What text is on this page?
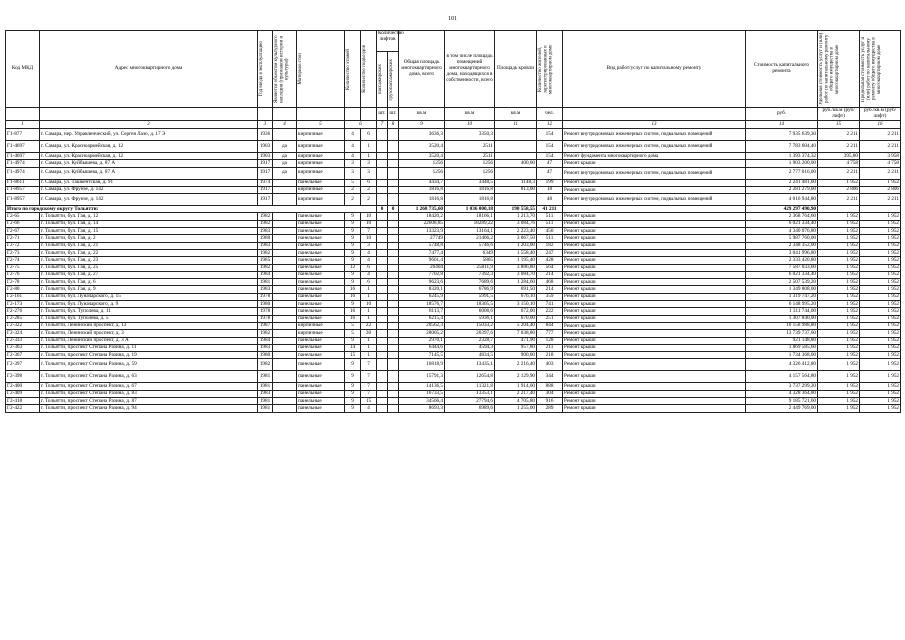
101
Код МКД	Адрес многоквартирного дома	Год ввода в эксплуатацию	Является объектом культурного наследия (признаком истории и культуры)	Материал стен	Количество этажей	Количество подъездов	Количество лифтов		Общая площадь многоквартирного дома, всего	в том числе площадь помещений многоквартирного дома, находящихся в собственности, всего	Площадь кровли	Количество жителей, зарегистрированных в многоквартирном доме	Вид работ/услуг по капитальному ремонту	Стоимость капитального ремонта	Удельная стоимость услуг и (или) работ по капитальному ремонту общего имущества в многоквартирном доме	Предельная стоимость услуг и (или) работ по капитальному ремонту общего имущества в многоквартирном доме

							пассажирских	грузопассажирских								

							шт.	шт.	кв.м	кв.м	кв.м	чел.		руб.	руб./кв.м (руб/лифт)	руб./кв.м (руб/лифт)
1	2	3	4	5	6		7	8	9	10	11	12	13	14	15	16
Г1-877	г. Самара, пер. Управленческий, ул. Сергея Лазо, д. 17 Э	1936		кирпичные	4	6			3636,3	3350,3		154	Ремонт внутридомовых инженерных систем, подвальных помещений	7 935 639,30	2 211	2 211
Г1-4697	г. Самара, ул. Красноармейская, д. 12	1903	да	кирпичные	4	1			3520,4	2511		154	Ремонт внутридомовых инженерных систем, подвальных помещений	7 783 604,40	2 211	2 211
Г1-4697	г. Самара, ул. Красноармейская, д. 12	1903	да	кирпичные	4	1			3520,4	2511		154	Ремонт фундамента многоквартирного дома	1 393 374,32	395,80	3 958
Г1-4974	г. Самара, ул. Куйбышева, д. 87 А	1917	да	кирпичные	3	3			1256	1256	400,00	47	Ремонт крыши	1 903 200,00	4 758	4 758
Г1-4974	г. Самара, ул. Куйбышева, д. 87 А	1917	да	кирпичные	3	3			1256	1256		47	Ремонт внутридомовых инженерных систем, подвальных помещений	2 777 016,00	2 211	2 211
Г1-8611	г. Самара, ул. Ташкентская, д. 91	1974		панельные	5	6			4434,7	3448,5	1148,3	199	Ремонт крыши	2 241 481,60	1 952	1 952
Г1-8957	г. Самара, ул. Фрунзе, д. 142	1917		кирпичные	2	2			1816,8	1816,8	813,00	18	Ремонт крыши	2 281 279,00	2 806	2 806
Г1-8957	г. Самара, ул. Фрунзе, д. 142	1917		кирпичные	2	2			1816,8	1816,8		48	Ремонт внутридомовых инженерных систем, подвальных помещений	4 016 944,80	2 211	2 211
Итого по городскому округу Тольятти:							0	0	1 268 735,60	1 036 000,18	190 558,55	41 211		429 297 490,90		
Г2-65	г. Тольятти, бул. Гая, д. 12	1982		панельные	9	10			18420,2	18166,1	1 213,70	511	Ремонт крыши	2 368 764,60	1 952	1 952
Г2-66	г. Тольятти, бул. Гая, д. 14	1982		панельные	9	10			22608,85	18289,22	3 084,76	511	Ремонт крыши	6 021 334,40	1 952	1 952
Г2-67	г. Тольятти, бул. Гая, д. 15	1983		панельные	9	7			13323,9	13164,1	2 223,40	450	Ремонт крыши	4 340 076,80	1 952	1 952
Г2-71	г. Тольятти, бул. Гая, д. 2	1980		панельные	9	10			27749	21466,2	3 067,50	511	Ремонт крыши	5 987 760,00	1 952	1 952
Г2-72	г. Тольятти, бул. Гая, д. 21	1983		панельные	9	3			5748,8	5746,6	1 203,00	182	Ремонт крыши	2 348 352,00	1 952	1 952
Г2-73	г. Тольятти, бул. Гая, д. 22	1982		панельные	9	4			7477,4	6349	1 558,40	247	Ремонт крыши	3 041 996,80	1 952	1 952
Г2-74	г. Тольятти, бул. Гая, д. 23	1985		панельные	9	4			9661,4	5865	1 195,40	428	Ремонт крыши	2 333 420,80	1 952	1 952
Г2-75	г. Тольятти, бул. Гая, д. 25	1982		панельные	12	6			26404	25811,9	3 886,80	564	Ремонт крыши	7 587 033,60	1 952	1 952
Г2-76	г. Тольятти, бул. Гая, д. 27	1984		панельные	9	4			7702,8	7392,3	3 084,70	214	Ремонт крыши	6 021 334,40	1 952	1 952
Г2-78	г. Тольятти, бул. Гая, д. 6	1981		панельные	9	6			9623,6	7689,6	1 284,60	468	Ремонт крыши	2 507 539,20	1 952	1 952
Г2-80	г. Тольятти, бул. Гая, д. 9	1983		панельные	16	1			8320,1	6786,9	691,50	214	Ремонт крыши	1 349 808,00	1 952	1 952
Г2-161	г. Тольятти, бул. Луначарского, д. 15	1978		панельные	16	1			6245,9	5991,5	676,10	359	Ремонт крыши	1 319 747,20	1 952	1 952
Г2-173	г. Тольятти, бул. Луначарского, д. 9	1980		панельные	9	10			18576,7	18305,5	3 150,10	741	Ремонт крыши	6 148 995,20	1 952	1 952
Г2-276	г. Тольятти, бул. Туполева, д. 11	1978		панельные	16	1			8113,7	6008,6	672,00	222	Ремонт крыши	1 311 744,00	1 952	1 952
Г2-285	г. Тольятти, бул. Туполева, д. 5	1978		панельные	16	1			6215,4	5936,1	670,00	251	Ремонт крыши	1 307 840,00	1 952	1 952
Г2-322	г. Тольятти, Ленинский проспект, д. 13	1987		кирпичные	5	22			20562,3	15033,2	5 204,40	844	Ремонт крыши	10 158 988,80	1 952	1 952
Г2-324	г. Тольятти, Ленинский проспект, д. 3	1982		кирпичные	5	30			28005,2	20397,6	7 038,80	777	Ремонт крыши	13 739 737,60	1 952	1 952
Г2-333	г. Тольятти, Ленинский проспект, д. 3 А	1984		панельные	9	1			2970,1	2328,7	471,90	128	Ремонт крыши	921 148,80	1 952	1 952
Г2-363	г. Тольятти, проспект Степана Разина, д. 11	1983		панельные	14	1			6444,6	4594,3	957,80	211	Ремонт крыши	1 869 585,60	1 952	1 952
Г2-367	г. Тольятти, проспект Степана Разина, д. 19	1980		панельные	15	1			7145,5	4834,5	900,00	218	Ремонт крыши	1 734 368,00	1 952	1 952
Г2-397	г. Тольятти, проспект Степана Разина, д. 59	1982		панельные	9	7			16818,9	13435,1	2 216,40	403	Ремонт крыши	4 326 412,80	1 952	1 952
Г2-398	г. Тольятти, проспект Степана Разина, д. 63	1981		панельные	9	7			15791,3	12654,8	2 129,90	344	Ремонт крыши	4 157 564,80	1 952	1 952
Г2-400	г. Тольятти, проспект Степана Разина, д. 67	1981		панельные	9	7			14136,5	11321,8	1 914,60	888	Ремонт крыши	3 737 299,20	1 952	1 952
Г2-409	г. Тольятти, проспект Степана Разина, д. 83	1983		панельные	9	7			16733,5	13353,1	2 217,40	304	Ремонт крыши	4 328 364,80	1 952	1 952
Г2-418	г. Тольятти, проспект Степана Разина, д. 87	1981		панельные	9	15			34566,4	27794,6	4 705,80	916	Ремонт крыши	9 185 721,60	1 952	1 952
Г2-422	г. Тольятти, проспект Степана Разина, д. 94	1981		панельные	9	4			8693,3	6989,6	1 255,00	289	Ремонт крыши	2 449 769,00	1 952	1 952
